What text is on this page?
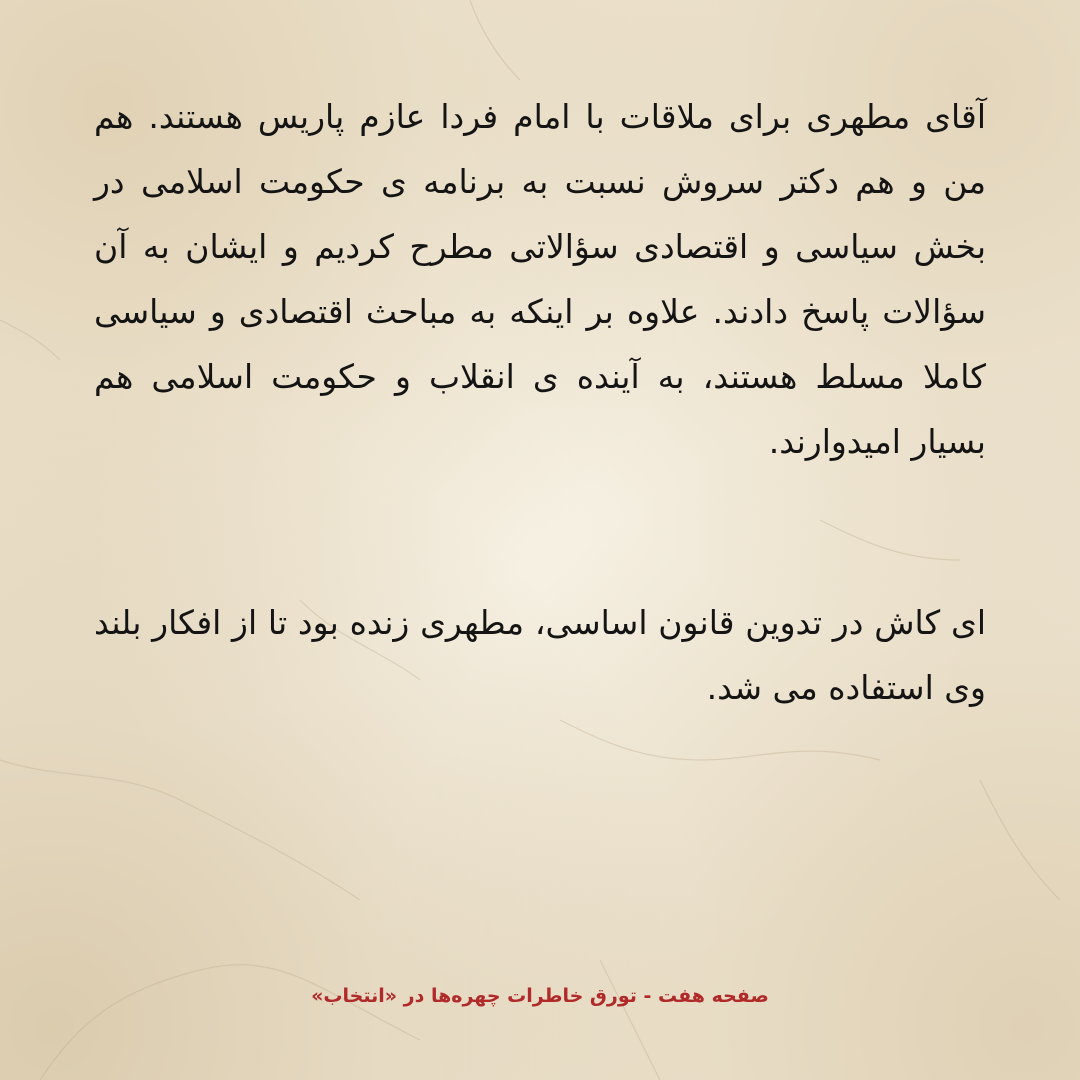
آقای مطهری برای ملاقات با امام فردا عازم پاریس هستند. هم من و هم دکتر سروش نسبت به برنامه ی حکومت اسلامی در بخش سیاسی و اقتصادی سؤالاتی مطرح کردیم و ایشان به آن سؤالات پاسخ دادند. علاوه بر اینکه به مباحث اقتصادی و سیاسی کاملا مسلط هستند، به آینده ی انقلاب و حکومت اسلامی هم بسیار امیدوارند.

ای کاش در تدوین قانون اساسی، مطهری زنده بود تا از افکار بلند وی استفاده می شد.

صفحه هفت - تورق خاطرات چهره‌ها در «انتخاب»
